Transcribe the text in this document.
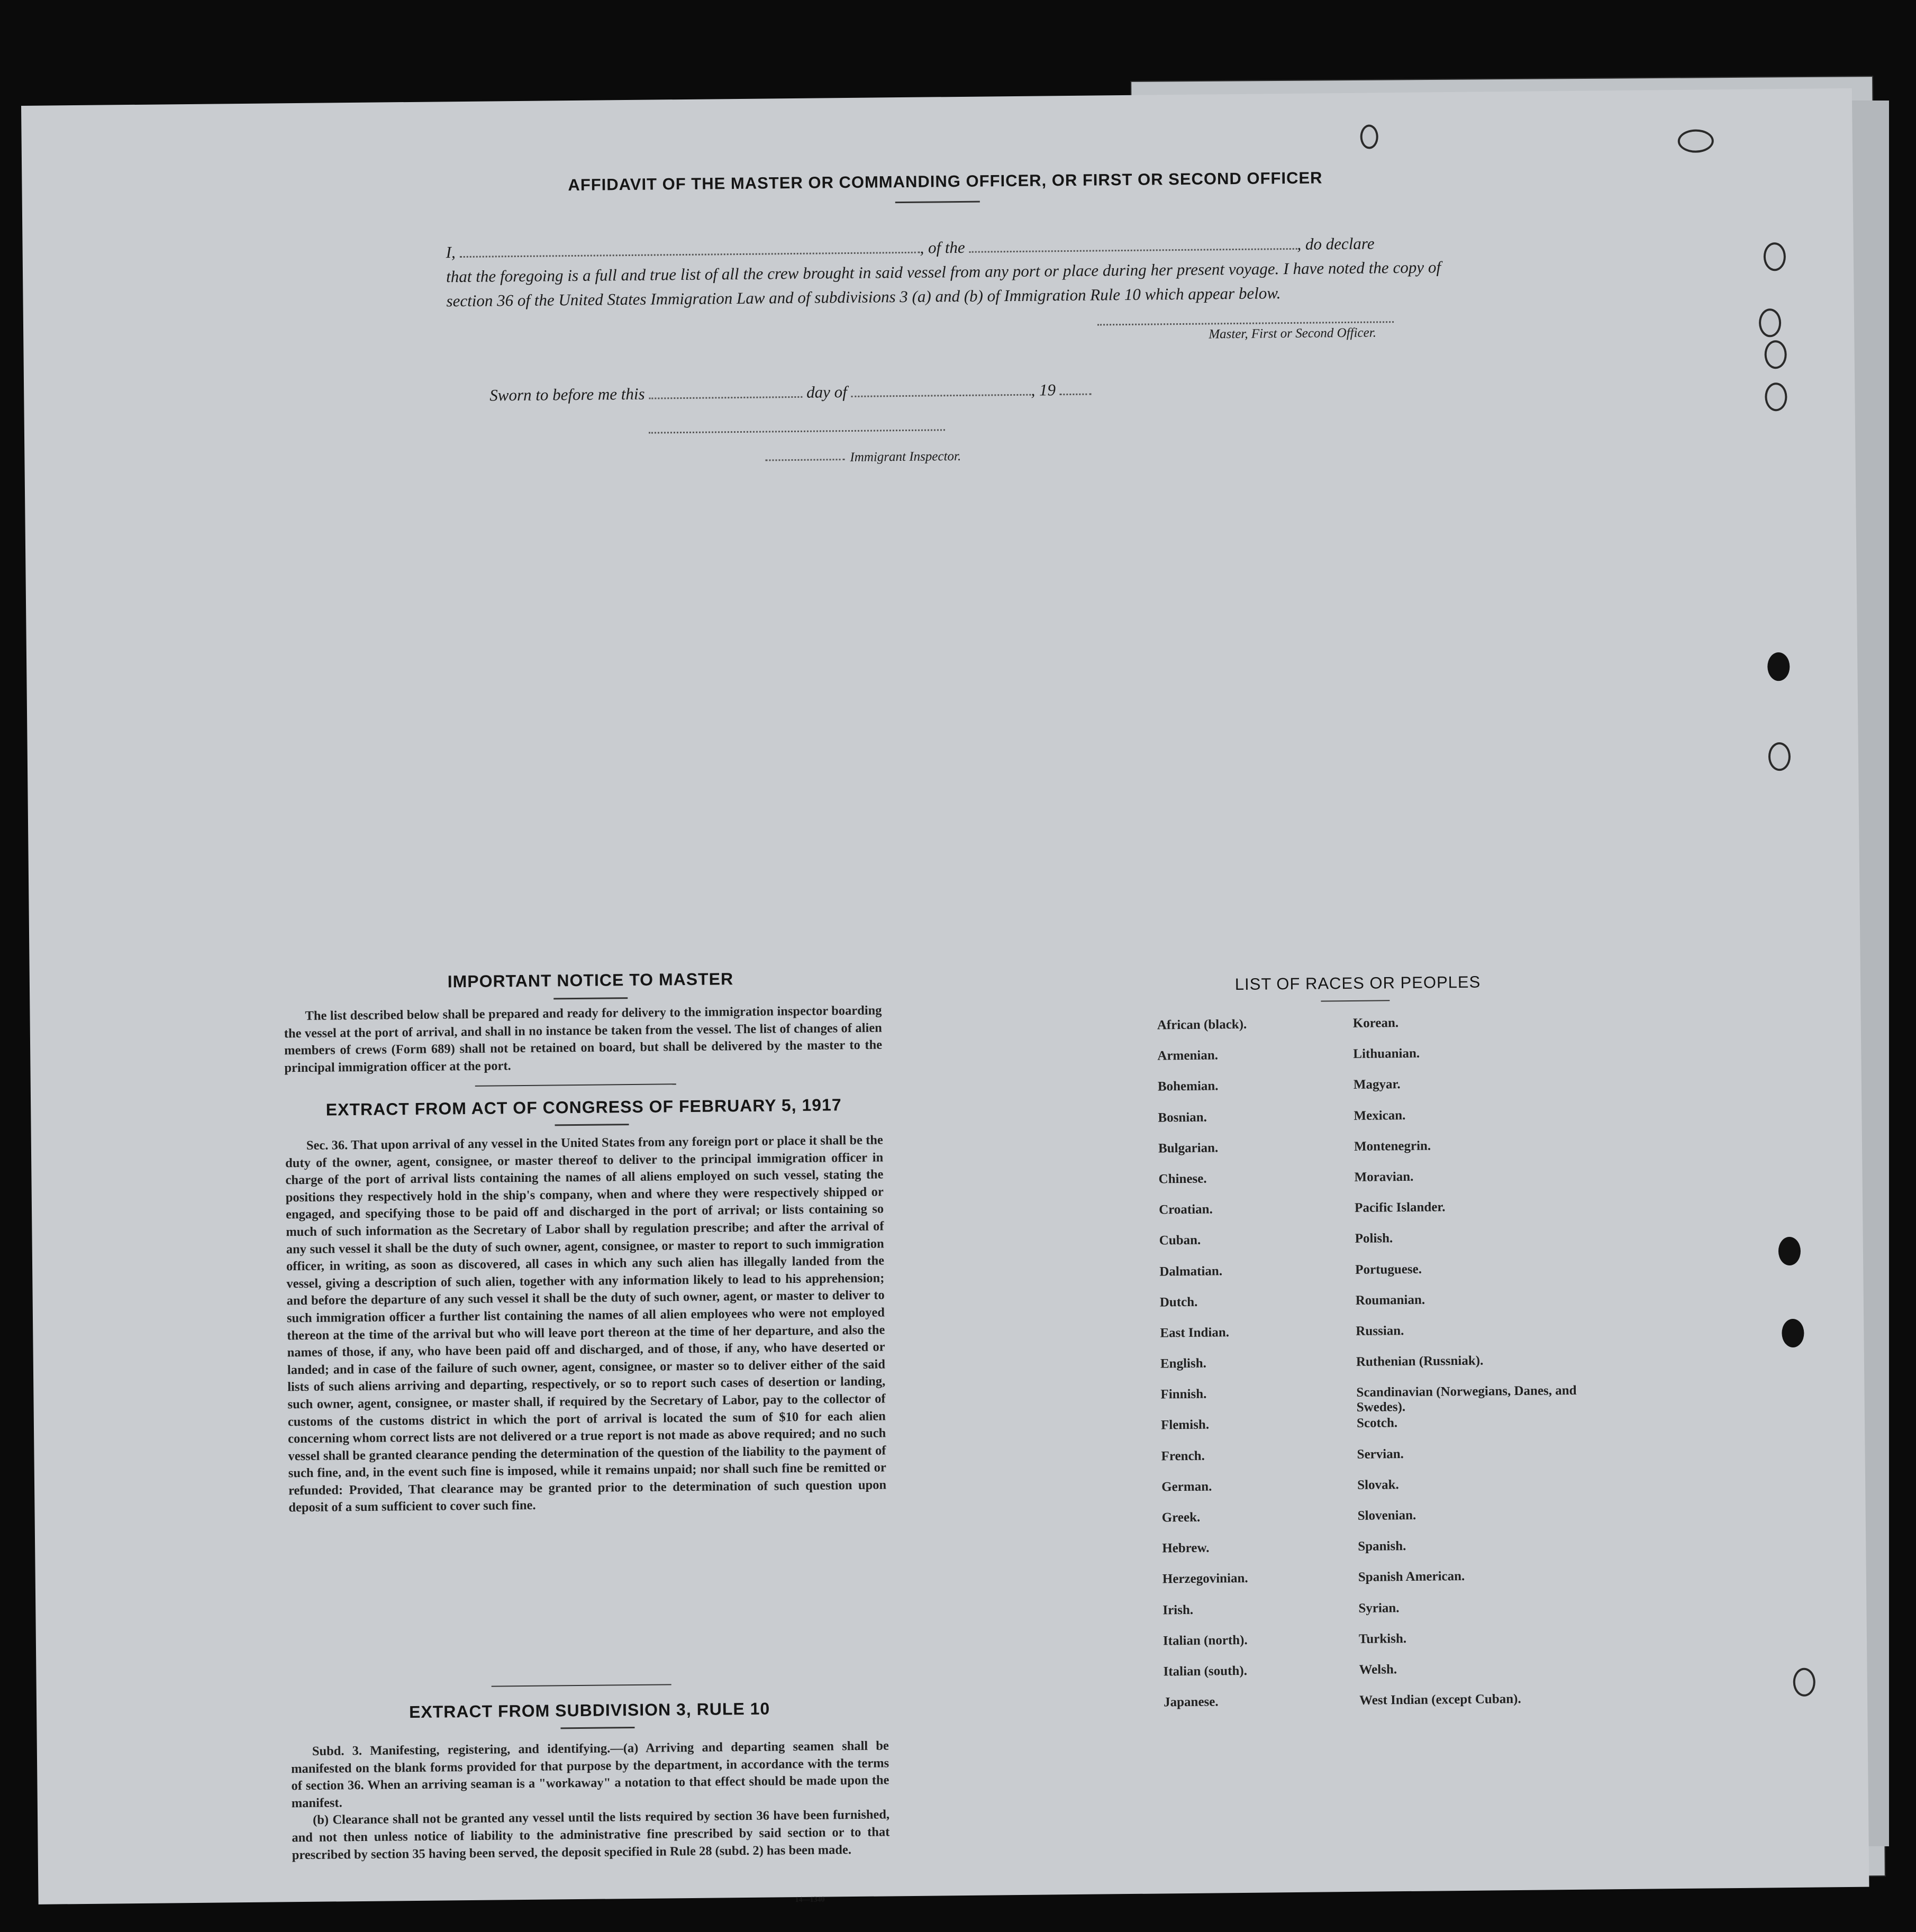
AFFIDAVIT OF THE MASTER OR COMMANDING OFFICER, OR FIRST OR SECOND OFFICER
I,	, of the	, do declare
that the foregoing is a full and true list of all the crew brought in said vessel from any port or place during her present voyage. I have noted the copy of section 36 of the United States Immigration Law and of subdivisions 3 (a) and (b) of Immigration Rule 10 which appear below.
Master, First or Second Officer.
Sworn to before me this	day of	, 19
Immigrant Inspector.
IMPORTANT NOTICE TO MASTER

The list described below shall be prepared and ready for delivery to the immigration inspector boarding the vessel at the port of arrival, and shall in no instance be taken from the vessel. The list of changes of alien members of crews (Form 689) shall not be retained on board, but shall be delivered by the master to the principal immigration officer at the port.

EXTRACT FROM ACT OF CONGRESS OF FEBRUARY 5, 1917

Sec. 36. That upon arrival of any vessel in the United States from any foreign port or place it shall be the duty of the owner, agent, consignee, or master thereof to deliver to the principal immigration officer in charge of the port of arrival lists containing the names of all aliens employed on such vessel, stating the positions they respectively hold in the ship's company, when and where they were respectively shipped or engaged, and specifying those to be paid off and discharged in the port of arrival; or lists containing so much of such information as the Secretary of Labor shall by regulation prescribe; and after the arrival of any such vessel it shall be the duty of such owner, agent, consignee, or master to report to such immigration officer, in writing, as soon as discovered, all cases in which any such alien has illegally landed from the vessel, giving a description of such alien, together with any information likely to lead to his apprehension; and before the departure of any such vessel it shall be the duty of such owner, agent, or master to deliver to such immigration officer a further list containing the names of all alien employees who were not employed thereon at the time of the arrival but who will leave port thereon at the time of her departure, and also the names of those, if any, who have been paid off and discharged, and of those, if any, who have deserted or landed; and in case of the failure of such owner, agent, consignee, or master so to deliver either of the said lists of such aliens arriving and departing, respectively, or so to report such cases of desertion or landing, such owner, agent, consignee, or master shall, if required by the Secretary of Labor, pay to the collector of customs of the customs district in which the port of arrival is located the sum of $10 for each alien concerning whom correct lists are not delivered or a true report is not made as above required; and no such vessel shall be granted clearance pending the determination of the question of the liability to the payment of such fine, and, in the event such fine is imposed, while it remains unpaid; nor shall such fine be remitted or refunded: Provided, That clearance may be granted prior to the determination of such question upon deposit of a sum sufficient to cover such fine.

EXTRACT FROM SUBDIVISION 3, RULE 10

Subd. 3. Manifesting, registering, and identifying.—(a) Arriving and departing seamen shall be manifested on the blank forms provided for that purpose by the department, in accordance with the terms of section 36. When an arriving seaman is a "workaway" a notation to that effect should be made upon the manifest.

(b) Clearance shall not be granted any vessel until the lists required by section 36 have been furnished, and not then unless notice of liability to the administrative fine prescribed by said section or to that prescribed by section 35 having been served, the deposit specified in Rule 28 (subd. 2) has been made.

14—1340
LIST OF RACES OR PEOPLES
African (black).
Armenian.
Bohemian.
Bosnian.
Bulgarian.
Chinese.
Croatian.
Cuban.
Dalmatian.
Dutch.
East Indian.
English.
Finnish.
Flemish.
French.
German.
Greek.
Hebrew.
Herzegovinian.
Irish.
Italian (north).
Italian (south).
Japanese.
Korean.
Lithuanian.
Magyar.
Mexican.
Montenegrin.
Moravian.
Pacific Islander.
Polish.
Portuguese.
Roumanian.
Russian.
Ruthenian (Russniak).
Scandinavian (Norwegians, Danes, and Swedes).
Scotch.
Servian.
Slovak.
Slovenian.
Spanish.
Spanish American.
Syrian.
Turkish.
Welsh.
West Indian (except Cuban).
